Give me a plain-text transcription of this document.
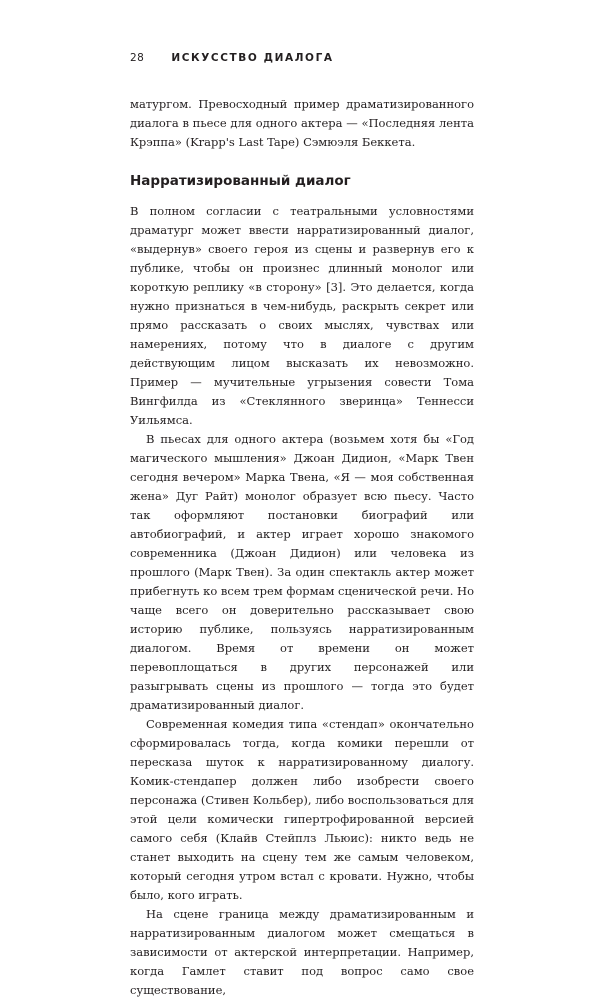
28	ИСКУССТВО ДИАЛОГА

матургом. Превосходный пример драматизированного диалога в пьесе для одного актера — «Последняя лента Крэппа» (Krapp's Last Tape) Сэмюэля Беккета.

Нарратизированный диалог

В полном согласии с театральными условностями драматург может ввести нарратизированный диалог, «выдернув» своего героя из сцены и развернув его к публике, чтобы он произнес длинный монолог или короткую реплику «в сторону» [3]. Это делается, когда нужно признаться в чем-нибудь, раскрыть секрет или прямо рассказать о своих мыслях, чувствах или намерениях, потому что в диалоге с другим действующим лицом высказать их невозможно. Пример — мучительные угрызения совести Тома Вингфилда из «Стеклянного зверинца» Теннесси Уильямса.

В пьесах для одного актера (возьмем хотя бы «Год магического мышления» Джоан Дидион, «Марк Твен сегодня вечером» Марка Твена, «Я — моя собственная жена» Дуг Райт) монолог образует всю пьесу. Часто так оформляют постановки биографий или автобиографий, и актер играет хорошо знакомого современника (Джоан Дидион) или человека из прошлого (Марк Твен). За один спектакль актер может прибегнуть ко всем трем формам сценической речи. Но чаще всего он доверительно рассказывает свою историю публике, пользуясь нарратизированным диалогом. Время от времени он может перевоплощаться в других персонажей или разыгрывать сцены из прошлого — тогда это будет драматизированный диалог.

Современная комедия типа «стендап» окончательно сформировалась тогда, когда комики перешли от пересказа шуток к нарратизированному диалогу. Комик-стендапер должен либо изобрести своего персонажа (Стивен Кольбер), либо воспользоваться для этой цели комически гипертрофированной версией самого себя (Клайв Стейплз Льюис): никто ведь не станет выходить на сцену тем же самым человеком, который сегодня утром встал с кровати. Нужно, чтобы было, кого играть.

На сцене граница между драматизированным и нарратизированным диалогом может смещаться в зависимости от актерской интерпретации. Например, когда Гамлет ставит под вопрос само свое существование,
